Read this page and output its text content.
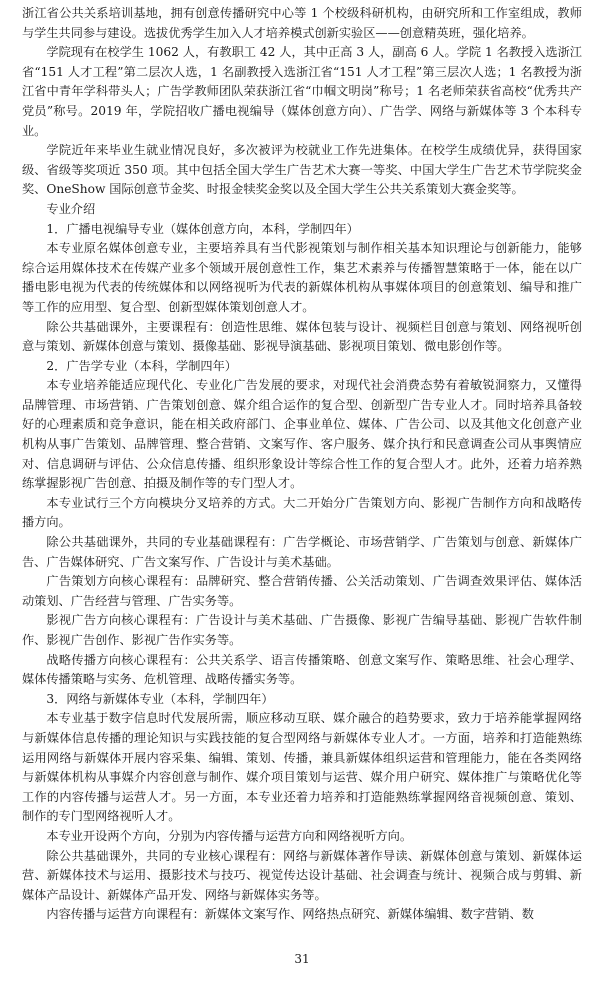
浙江省公共关系培训基地，拥有创意传播研究中心等 1 个校级科研机构，由研究所和工作室组成，教师与学生共同参与建设。选拔优秀学生加入人才培养模式创新实验区——创意精英班，强化培养。

学院现有在校学生 1062 人，有教职工 42 人，其中正高 3 人，副高 6 人。学院 1 名教授入选浙江省“151 人才工程”第二层次人选，1 名副教授入选浙江省“151 人才工程”第三层次人选；1 名教授为浙江省中青年学科带头人；广告学教师团队荣获浙江省“巾帼文明岗”称号；1 名老师荣获省高校“优秀共产党员”称号。2019 年，学院招收广播电视编导（媒体创意方向）、广告学、网络与新媒体等 3 个本科专业。

学院近年来毕业生就业情况良好，多次被评为校就业工作先进集体。在校学生成绩优异，获得国家级、省级等奖项近 350 项。其中包括全国大学生广告艺术大赛一等奖、中国大学生广告艺术节学院奖金奖、OneShow 国际创意节金奖、时报金犊奖金奖以及全国大学生公共关系策划大赛金奖等。

专业介绍

1．广播电视编导专业（媒体创意方向，本科，学制四年）

本专业原名媒体创意专业，主要培养具有当代影视策划与制作相关基本知识理论与创新能力，能够综合运用媒体技术在传媒产业多个领域开展创意性工作，集艺术素养与传播智慧策略于一体，能在以广播电影电视为代表的传统媒体和以网络视听为代表的新媒体机构从事媒体项目的创意策划、编导和推广等工作的应用型、复合型、创新型媒体策划创意人才。

除公共基础课外，主要课程有：创造性思维、媒体包装与设计、视频栏目创意与策划、网络视听创意与策划、新媒体创意与策划、摄像基础、影视导演基础、影视项目策划、微电影创作等。

2．广告学专业（本科，学制四年）

本专业培养能适应现代化、专业化广告发展的要求，对现代社会消费态势有着敏锐洞察力，又懂得品牌管理、市场营销、广告策划创意、媒介组合运作的复合型、创新型广告专业人才。同时培养具备较好的心理素质和竞争意识，能在相关政府部门、企事业单位、媒体、广告公司、以及其他文化创意产业机构从事广告策划、品牌管理、整合营销、文案写作、客户服务、媒介执行和民意调查公司从事舆情应对、信息调研与评估、公众信息传播、组织形象设计等综合性工作的复合型人才。此外，还着力培养熟练掌握影视广告创意、拍摄及制作等的专门型人才。

本专业试行三个方向模块分叉培养的方式。大二开始分广告策划方向、影视广告制作方向和战略传播方向。

除公共基础课外，共同的专业基础课程有：广告学概论、市场营销学、广告策划与创意、新媒体广告、广告媒体研究、广告文案写作、广告设计与美术基础。

广告策划方向核心课程有：品牌研究、整合营销传播、公关活动策划、广告调查效果评估、媒体活动策划、广告经营与管理、广告实务等。

影视广告方向核心课程有：广告设计与美术基础、广告摄像、影视广告编导基础、影视广告软件制作、影视广告创作、影视广告作实务等。

战略传播方向核心课程有：公共关系学、语言传播策略、创意文案写作、策略思维、社会心理学、媒体传播策略与实务、危机管理、战略传播实务等。

3．网络与新媒体专业（本科，学制四年）

本专业基于数字信息时代发展所需，顺应移动互联、媒介融合的趋势要求，致力于培养能掌握网络与新媒体信息传播的理论知识与实践技能的复合型网络与新媒体专业人才。一方面，培养和打造能熟练运用网络与新媒体开展内容采集、编辑、策划、传播，兼具新媒体组织运营和管理能力，能在各类网络与新媒体机构从事媒介内容创意与制作、媒介项目策划与运营、媒介用户研究、媒体推广与策略优化等工作的内容传播与运营人才。另一方面，本专业还着力培养和打造能熟练掌握网络音视频创意、策划、制作的专门型网络视听人才。

本专业开设两个方向，分别为内容传播与运营方向和网络视听方向。

除公共基础课外，共同的专业核心课程有：网络与新媒体著作导读、新媒体创意与策划、新媒体运营、新媒体技术与运用、摄影技术与技巧、视觉传达设计基础、社会调查与统计、视频合成与剪辑、新媒体产品设计、新媒体产品开发、网络与新媒体实务等。

内容传播与运营方向课程有：新媒体文案写作、网络热点研究、新媒体编辑、数字营销、数

31
